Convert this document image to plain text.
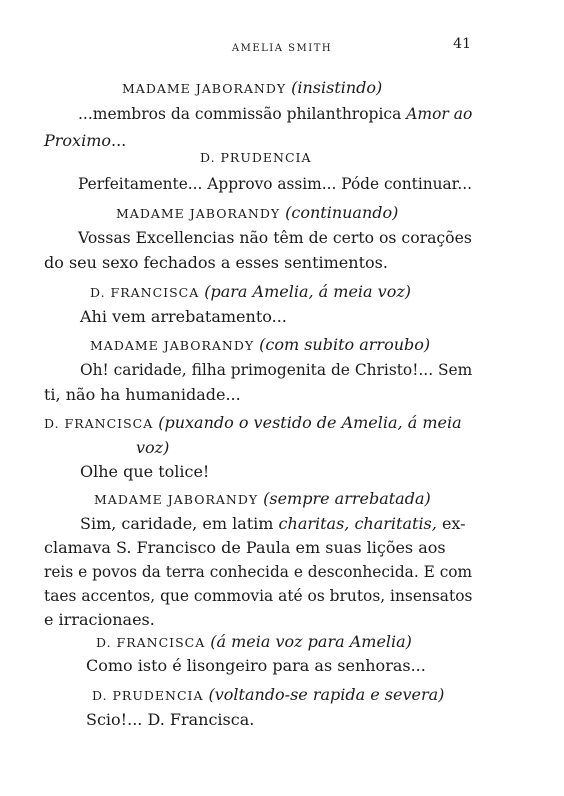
AMELIA SMITH	41
MADAME JABORANDY (insistindo)
...membros da commissão philanthropica Amor ao
Proximo...
D. PRUDENCIA
Perfeitamente... Approvo assim... Póde continuar...
MADAME JABORANDY (continuando)
Vossas Excellencias não têm de certo os corações
do seu sexo fechados a esses sentimentos.
D. FRANCISCA (para Amelia, á meia voz)
Ahi vem arrebatamento...
MADAME JABORANDY (com subito arroubo)
Oh! caridade, filha primogenita de Christo!... Sem
ti, não ha humanidade...
D. FRANCISCA (puxando o vestido de Amelia, á meia
voz)
Olhe que tolice!
MADAME JABORANDY (sempre arrebatada)
Sim, caridade, em latim charitas, charitatis, ex-
clamava S. Francisco de Paula em suas lições aos
reis e povos da terra conhecida e desconhecida. E com
taes accentos, que commovia até os brutos, insensatos
e irracionaes.
D. FRANCISCA (á meia voz para Amelia)
Como isto é lisongeiro para as senhoras...
D. PRUDENCIA (voltando-se rapida e severa)
Scio!... D. Francisca.
